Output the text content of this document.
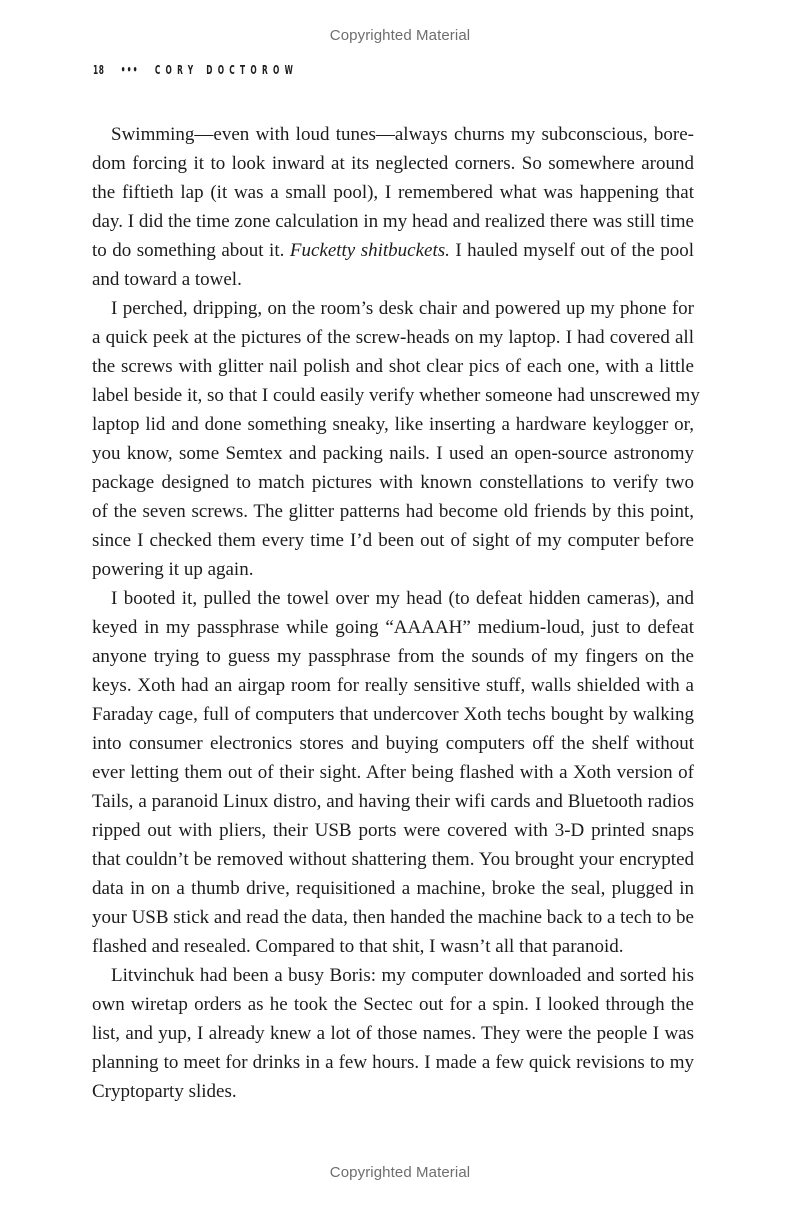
Copyrighted Material
18 ••• CORY DOCTOROW

Swimming—even with loud tunes—always churns my subconscious, bore-
dom forcing it to look inward at its neglected corners. So somewhere around
the fiftieth lap (it was a small pool), I remembered what was happening that
day. I did the time zone calculation in my head and realized there was still time
to do something about it. Fucketty shitbuckets. I hauled myself out of the pool
and toward a towel.

I perched, dripping, on the room’s desk chair and powered up my phone for
a quick peek at the pictures of the screw-heads on my laptop. I had covered all
the screws with glitter nail polish and shot clear pics of each one, with a little
label beside it, so that I could easily verify whether someone had unscrewed my
laptop lid and done something sneaky, like inserting a hardware keylogger or,
you know, some Semtex and packing nails. I used an open-source astronomy
package designed to match pictures with known constellations to verify two
of the seven screws. The glitter patterns had become old friends by this point,
since I checked them every time I’d been out of sight of my computer before
powering it up again.

I booted it, pulled the towel over my head (to defeat hidden cameras), and
keyed in my passphrase while going “AAAAH” medium-loud, just to defeat
anyone trying to guess my passphrase from the sounds of my fingers on the
keys. Xoth had an airgap room for really sensitive stuff, walls shielded with a
Faraday cage, full of computers that undercover Xoth techs bought by walking
into consumer electronics stores and buying computers off the shelf without
ever letting them out of their sight. After being flashed with a Xoth version of
Tails, a paranoid Linux distro, and having their wifi cards and Bluetooth radios
ripped out with pliers, their USB ports were covered with 3-D printed snaps
that couldn’t be removed without shattering them. You brought your encrypted
data in on a thumb drive, requisitioned a machine, broke the seal, plugged in
your USB stick and read the data, then handed the machine back to a tech to be
flashed and resealed. Compared to that shit, I wasn’t all that paranoid.

Litvinchuk had been a busy Boris: my computer downloaded and sorted his
own wiretap orders as he took the Sectec out for a spin. I looked through the
list, and yup, I already knew a lot of those names. They were the people I was
planning to meet for drinks in a few hours. I made a few quick revisions to my
Cryptoparty slides.

Copyrighted Material
